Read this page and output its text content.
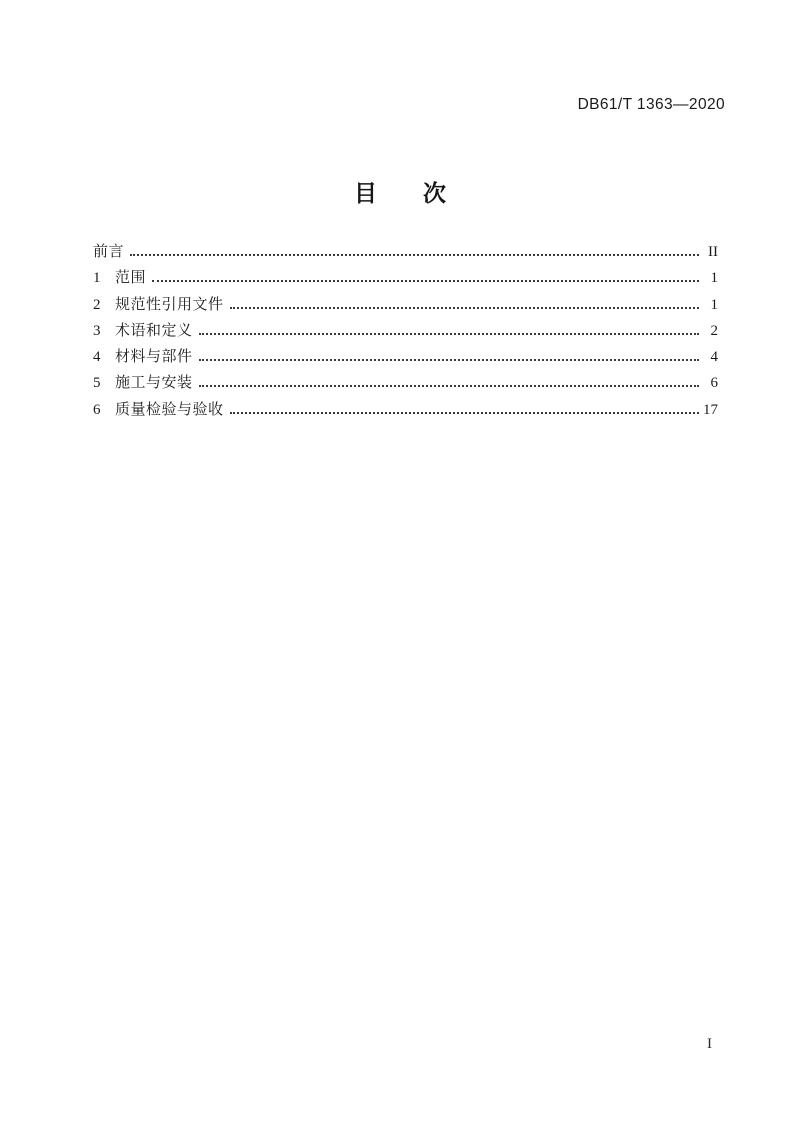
DB61/T 1363—2020
目　　次
前言	II
1 范围	1
2 规范性引用文件	1
3 术语和定义	2
4 材料与部件	4
5 施工与安装	6
6 质量检验与验收	17
I
